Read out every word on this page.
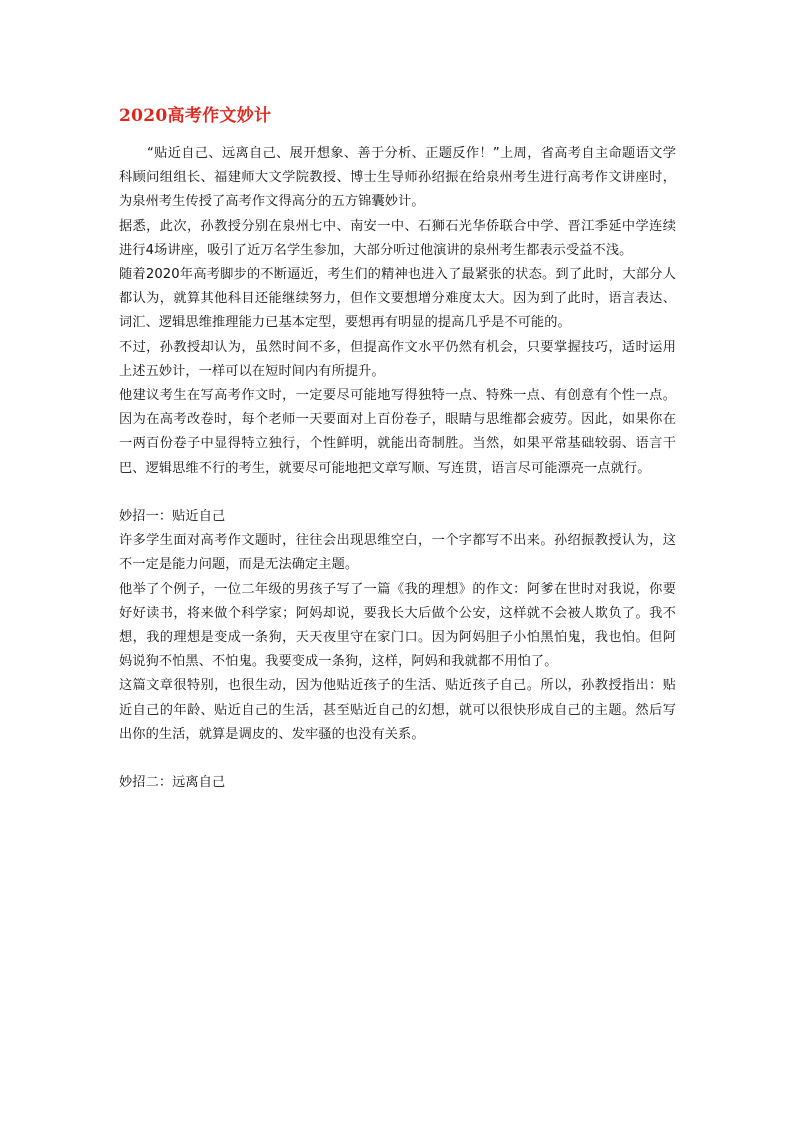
2020高考作文妙计

“贴近自己、远离自己、展开想象、善于分析、正题反作！”上周，省高考自主命题语文学科顾问组组长、福建师大文学院教授、博士生导师孙绍振在给泉州考生进行高考作文讲座时，为泉州考生传授了高考作文得高分的五方锦囊妙计。

据悉，此次，孙教授分别在泉州七中、南安一中、石狮石光华侨联合中学、晋江季延中学连续进行4场讲座，吸引了近万名学生参加，大部分听过他演讲的泉州考生都表示受益不浅。

随着2020年高考脚步的不断逼近，考生们的精神也进入了最紧张的状态。到了此时，大部分人都认为，就算其他科目还能继续努力，但作文要想增分难度太大。因为到了此时，语言表达、词汇、逻辑思维推理能力已基本定型，要想再有明显的提高几乎是不可能的。

不过，孙教授却认为，虽然时间不多，但提高作文水平仍然有机会，只要掌握技巧，适时运用上述五妙计，一样可以在短时间内有所提升。

他建议考生在写高考作文时，一定要尽可能地写得独特一点、特殊一点、有创意有个性一点。因为在高考改卷时，每个老师一天要面对上百份卷子，眼睛与思维都会疲劳。因此，如果你在一两百份卷子中显得特立独行，个性鲜明，就能出奇制胜。当然，如果平常基础较弱、语言干巴、逻辑思维不行的考生，就要尽可能地把文章写顺、写连贯，语言尽可能漂亮一点就行。

妙招一：贴近自己

许多学生面对高考作文题时，往往会出现思维空白，一个字都写不出来。孙绍振教授认为，这不一定是能力问题，而是无法确定主题。

他举了个例子，一位二年级的男孩子写了一篇《我的理想》的作文：阿爹在世时对我说，你要好好读书，将来做个科学家；阿妈却说，要我长大后做个公安，这样就不会被人欺负了。我不想，我的理想是变成一条狗，天天夜里守在家门口。因为阿妈胆子小怕黑怕鬼，我也怕。但阿妈说狗不怕黑、不怕鬼。我要变成一条狗，这样，阿妈和我就都不用怕了。

这篇文章很特别，也很生动，因为他贴近孩子的生活、贴近孩子自己。所以，孙教授指出：贴近自己的年龄、贴近自己的生活，甚至贴近自己的幻想，就可以很快形成自己的主题。然后写出你的生活，就算是调皮的、发牢骚的也没有关系。

妙招二：远离自己
